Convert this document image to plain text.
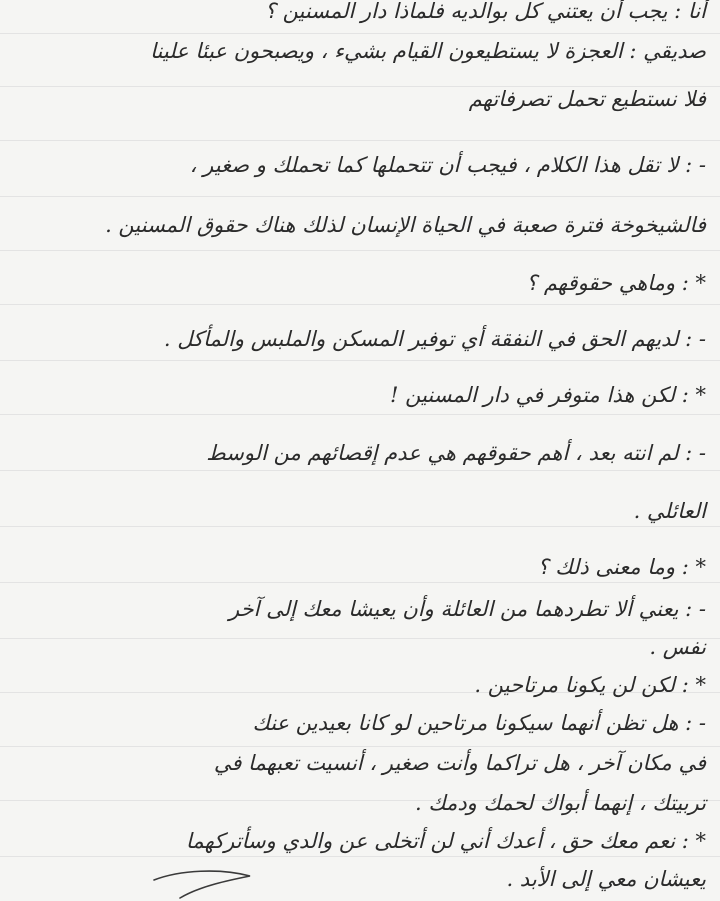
أنا : يجب أن يعتني كل بوالديه فلماذا دار المسنين ؟
صديقي : العجزة لا يستطيعون القيام بشيء ، ويصبحون عبئا علينا
فلا نستطيع تحمل تصرفاتهم
- : لا تقل هذا الكلام ، فيجب أن تتحملها كما تحملك و صغير ،
فالشيخوخة فترة صعبة في الحياة الإنسان لذلك هناك حقوق المسنين .
* : وماهي حقوقهم ؟
- : لديهم الحق في النفقة أي توفير المسكن والملبس والمأكل .
* : لكن هذا متوفر في دار المسنين !
- : لم انته بعد ، أهم حقوقهم هي عدم إقصائهم من الوسط
العائلي .
* : وما معنى ذلك ؟
- : يعني ألا تطردهما من العائلة وأن يعيشا معك إلى آخر
نفس .
* : لكن لن يكونا مرتاحين .
- : هل تظن أنهما سيكونا مرتاحين لو كانا بعيدين عنك
في مكان آخر ، هل تراكما وأنت صغير ، أنسيت تعبهما في
تربيتك ، إنهما أبواك لحمك ودمك .
* : نعم معك حق ، أعدك أني لن أتخلى عن والدي وسأتركهما
يعيشان معي إلى الأبد .
